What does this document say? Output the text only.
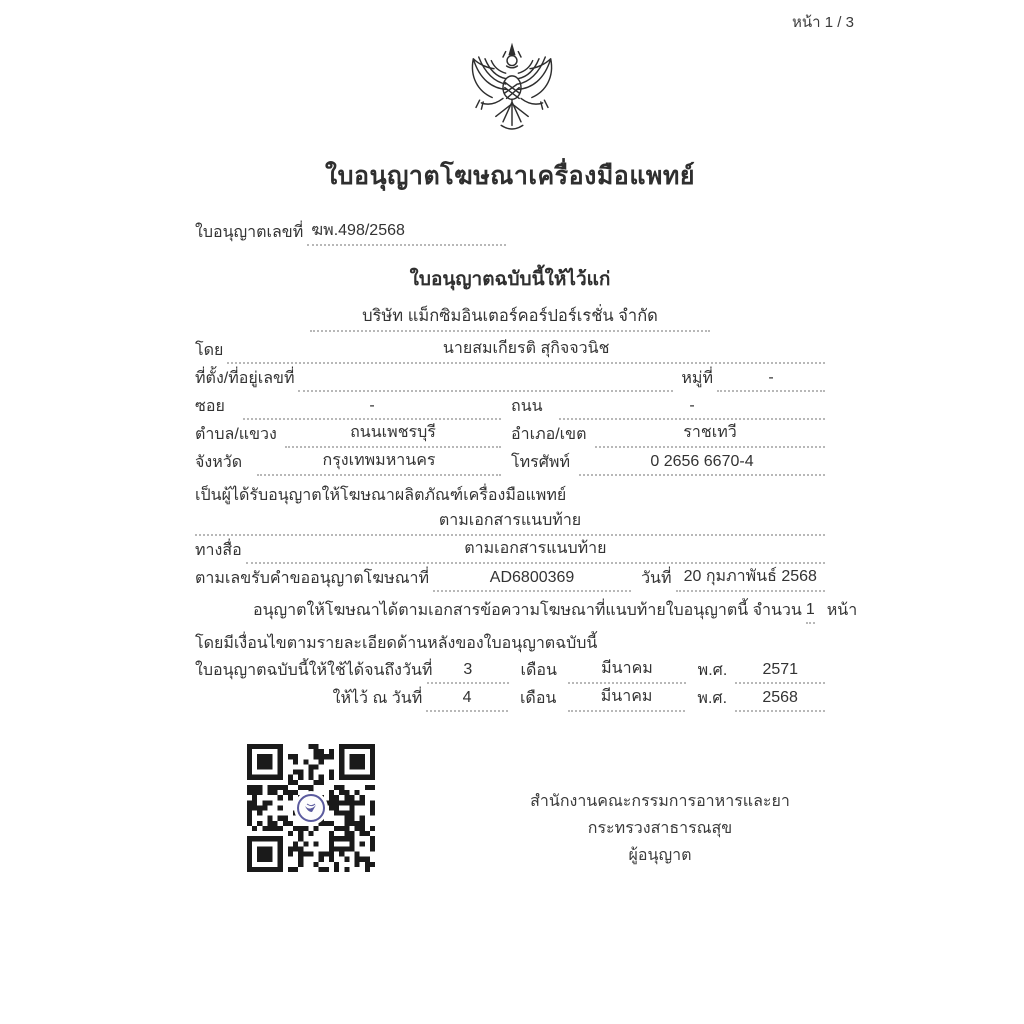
หน้า 1 / 3
ใบอนุญาตโฆษณาเครื่องมือแพทย์
ใบอนุญาตเลขที่ ฆพ.498/2568
ใบอนุญาตฉบับนี้ให้ไว้แก่
บริษัท แม็กซิมอินเตอร์คอร์ปอร์เรชั่น จำกัด
โดย	นายสมเกียรติ สุกิจจวนิช
ที่ตั้ง/ที่อยู่เลขที่	หมู่ที่	-
ซอย	-	ถนน	-
ตำบล/แขวง	ถนนเพชรบุรี	อำเภอ/เขต	ราชเทวี
จังหวัด	กรุงเทพมหานคร	โทรศัพท์	0 2656 6670-4
เป็นผู้ได้รับอนุญาตให้โฆษณาผลิตภัณฑ์เครื่องมือแพทย์
ตามเอกสารแนบท้าย
ทางสื่อ	ตามเอกสารแนบท้าย
ตามเลขรับคำขออนุญาตโฆษณาที่	AD6800369	วันที่ 20 กุมภาพันธ์ 2568
อนุญาตให้โฆษณาได้ตามเอกสารข้อความโฆษณาที่แนบท้ายใบอนุญาตนี้ จำนวน 1 หน้า
โดยมีเงื่อนไขตามรายละเอียดด้านหลังของใบอนุญาตฉบับนี้
ใบอนุญาตฉบับนี้ให้ใช้ได้จนถึงวันที่	3	เดือน	มีนาคม	พ.ศ.	2571
ให้ไว้ ณ วันที่	4	เดือน	มีนาคม	พ.ศ.	2568
สำนักงานคณะกรรมการอาหารและยา
กระทรวงสาธารณสุข
ผู้อนุญาต
